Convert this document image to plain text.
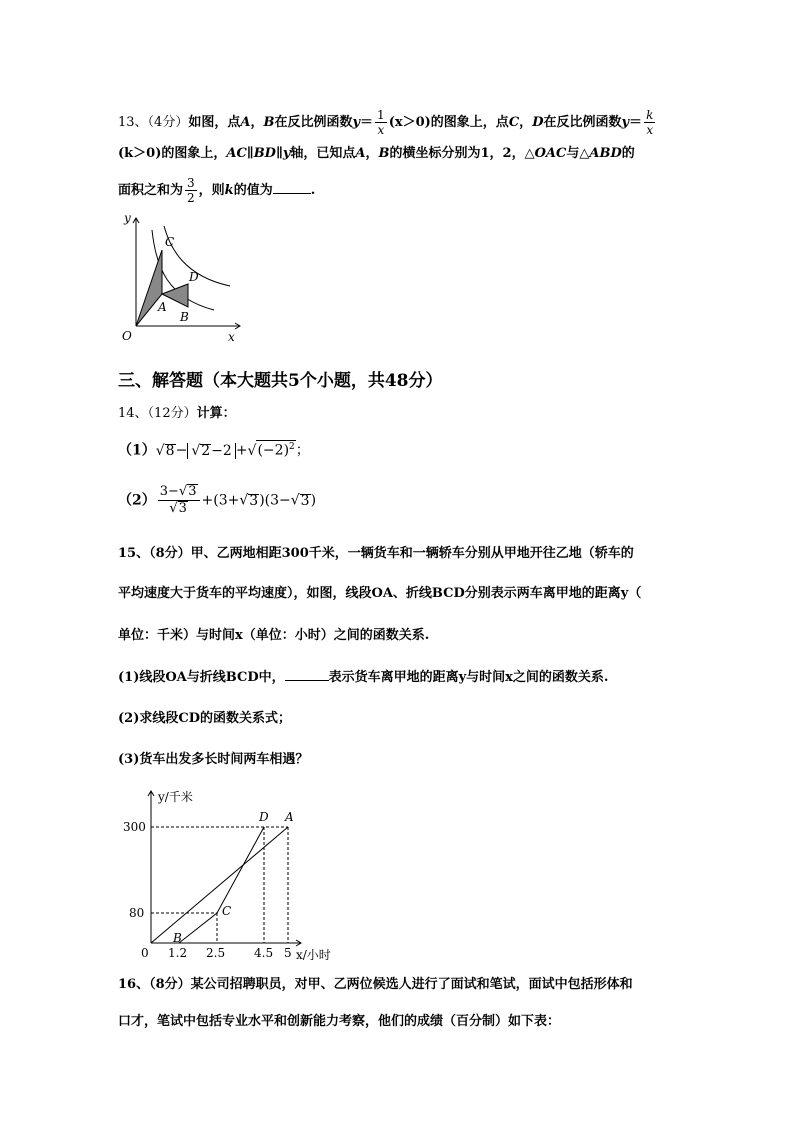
13、（4分）如图，点A，B在反比例函数$y= \frac{1}{x} (x>0)$的图象上，点C，D在反比例函数$y= \frac{k}{x}$
(k＞0)的图象上，AC∥BD∥y轴，已知点A，B的横坐标分别为1，2，△OAC与△ABD的
面积之和为 $\frac{3}{2}$ ，则k的值为	.
y
x
O
C
D
A
B
三、解答题（本大题共5个小题，共48分）
14、（12分）计算：
$(1)√8- √2-2 +√(-2)^2$；
$(2) \frac{3-√3}{√3} +(3+√3)(3-√3)$
15、（8分）甲、乙两地相距300千米，一辆货车和一辆轿车分别从甲地开往乙地（轿车的
平均速度大于货车的平均速度），如图，线段OA、折线BCD分别表示两车离甲地的距离y（
单位：千米）与时间x（单位：小时）之间的函数关系.
(1)线段OA与折线BCD中，	表示货车离甲地的距离y与时间x之间的函数关系.
(2)求线段CD的函数关系式；
(3)货车出发多长时间两车相遇？
y/千米
x/小时
300
80
0 1.2 2.5 4.5 5
D A
C
B
16、（8分）某公司招聘职员，对甲、乙两位候选人进行了面试和笔试，面试中包括形体和
口才，笔试中包括专业水平和创新能力考察，他们的成绩（百分制）如下表：
